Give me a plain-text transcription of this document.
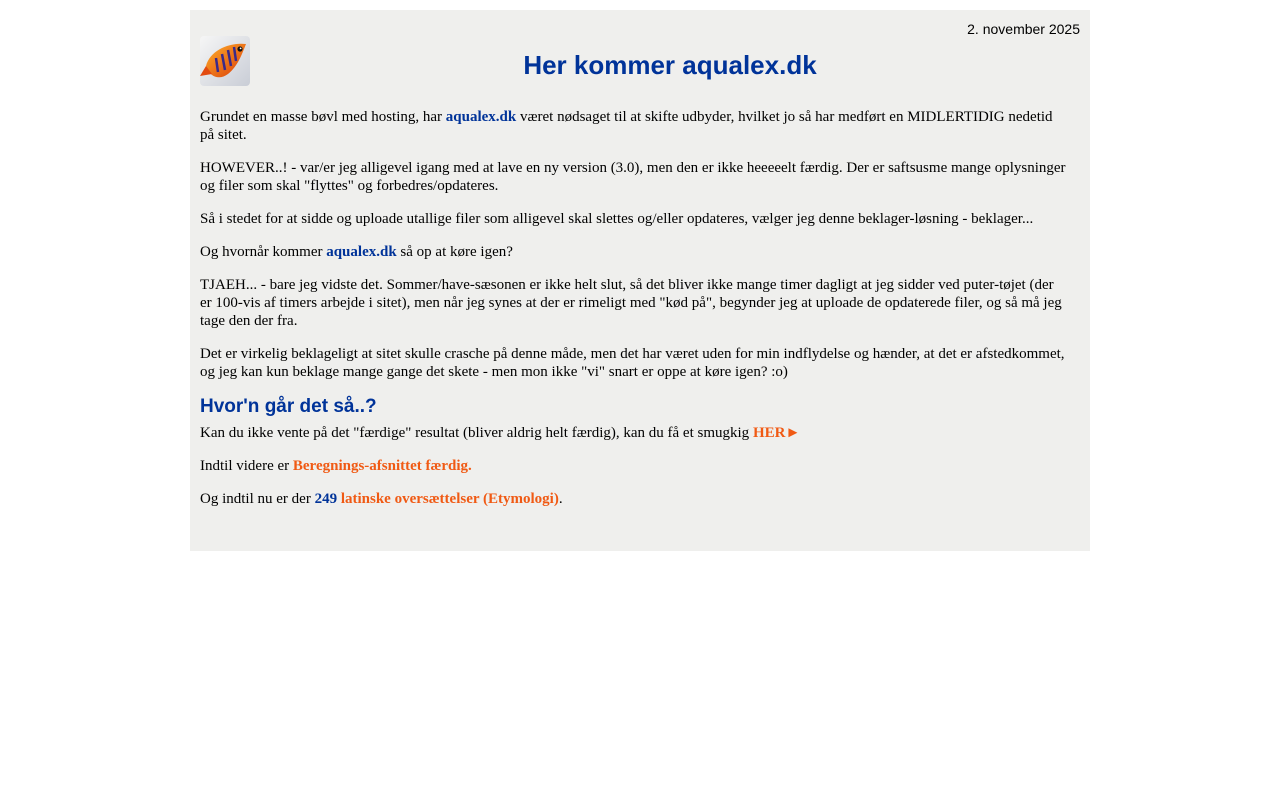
2. november 2025
Her kommer aqualex.dk

Grundet en masse bøvl med hosting, har aqualex.dk været nødsaget til at skifte udbyder, hvilket jo så har medført en MIDLERTIDIG nedetid på sitet.

HOWEVER..! - var/er jeg alligevel igang med at lave en ny version (3.0), men den er ikke heeeeelt færdig. Der er saftsusme mange oplysninger og filer som skal "flyttes" og forbedres/opdateres.

Så i stedet for at sidde og uploade utallige filer som alligevel skal slettes og/eller opdateres, vælger jeg denne beklager-løsning - beklager...

Og hvornår kommer aqualex.dk så op at køre igen?

TJAEH... - bare jeg vidste det. Sommer/have-sæsonen er ikke helt slut, så det bliver ikke mange timer dagligt at jeg sidder ved puter-tøjet (der er 100-vis af timers arbejde i sitet), men når jeg synes at der er rimeligt med "kød på", begynder jeg at uploade de opdaterede filer, og så må jeg tage den der fra.

Det er virkelig beklageligt at sitet skulle crasche på denne måde, men det har været uden for min indflydelse og hænder, at det er afstedkommet, og jeg kan kun beklage mange gange det skete - men mon ikke "vi" snart er oppe at køre igen? :o)

Hvor'n går det så..?

Kan du ikke vente på det "færdige" resultat (bliver aldrig helt færdig), kan du få et smugkig HER►

Indtil videre er Beregnings-afsnittet færdig.

Og indtil nu er der 249 latinske oversættelser (Etymologi).
